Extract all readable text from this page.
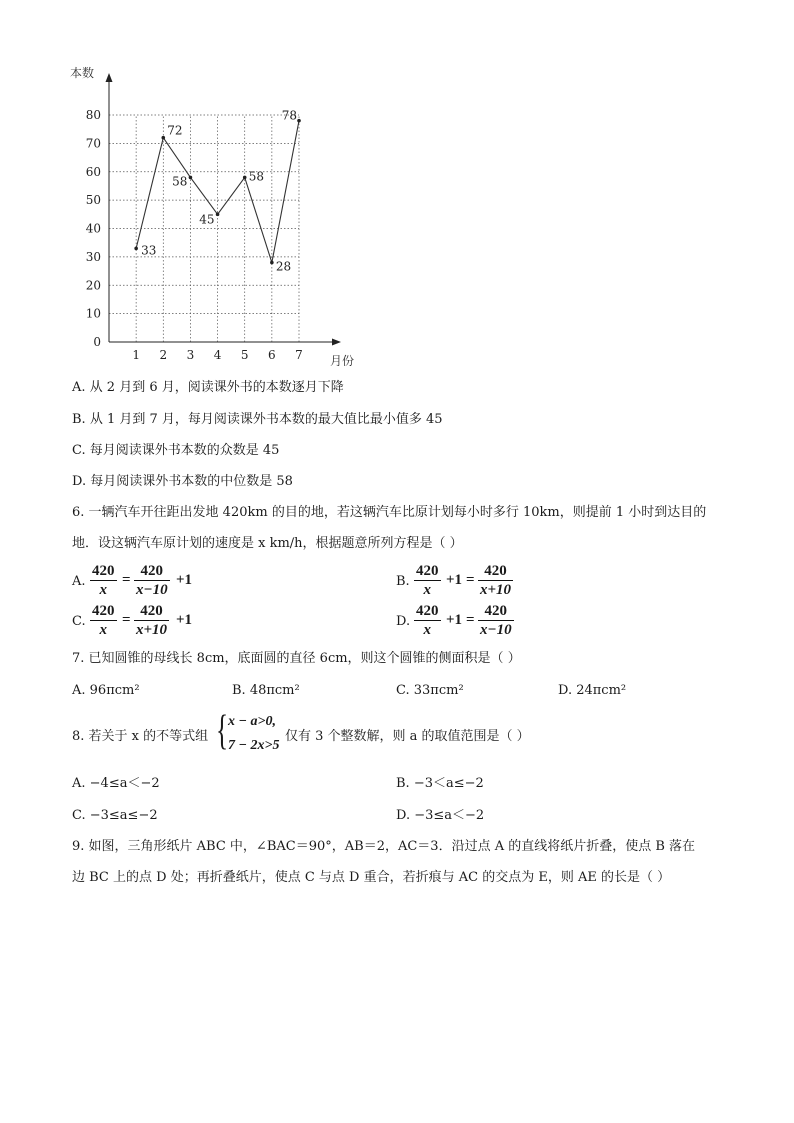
0
10
20
30
40
50
60
70
80
1 2 3 4 5 6 7
33
72
58
45
58
28
78
本数
月份
A. 从 2 月到 6 月，阅读课外书的本数逐月下降
B. 从 1 月到 7 月，每月阅读课外书本数的最大值比最小值多 45
C. 每月阅读课外书本数的众数是 45
D. 每月阅读课外书本数的中位数是 58
6. 一辆汽车开往距出发地 420km 的目的地，若这辆汽车比原计划每小时多行 10km，则提前 1 小时到达目的
地．设这辆汽车原计划的速度是 x km/h，根据题意所列方程是（ ）
A.
420
x
=
420
x−10
+1	B.
420
x
+1 =
420
x+10
C.
420
x
=
420
x+10
+1	D.
420
x
+1 =
420
x−10
7. 已知圆锥的母线长 8cm，底面圆的直径 6cm，则这个圆锥的侧面积是（ ）
A. 96πcm²	B. 48πcm²	C. 33πcm²	D. 24πcm²
8. 若关于 x 的不等式组 { x − a>0,
7 − 2x>5
仅有 3 个整数解，则 a 的取值范围是（ ）
A. −4≤a＜−2	B. −3＜a≤−2
C. −3≤a≤−2	D. −3≤a＜−2
9. 如图，三角形纸片 ABC 中，∠BAC＝90°，AB＝2，AC＝3．沿过点 A 的直线将纸片折叠，使点 B 落在
边 BC 上的点 D 处；再折叠纸片，使点 C 与点 D 重合，若折痕与 AC 的交点为 E，则 AE 的长是（ ）
